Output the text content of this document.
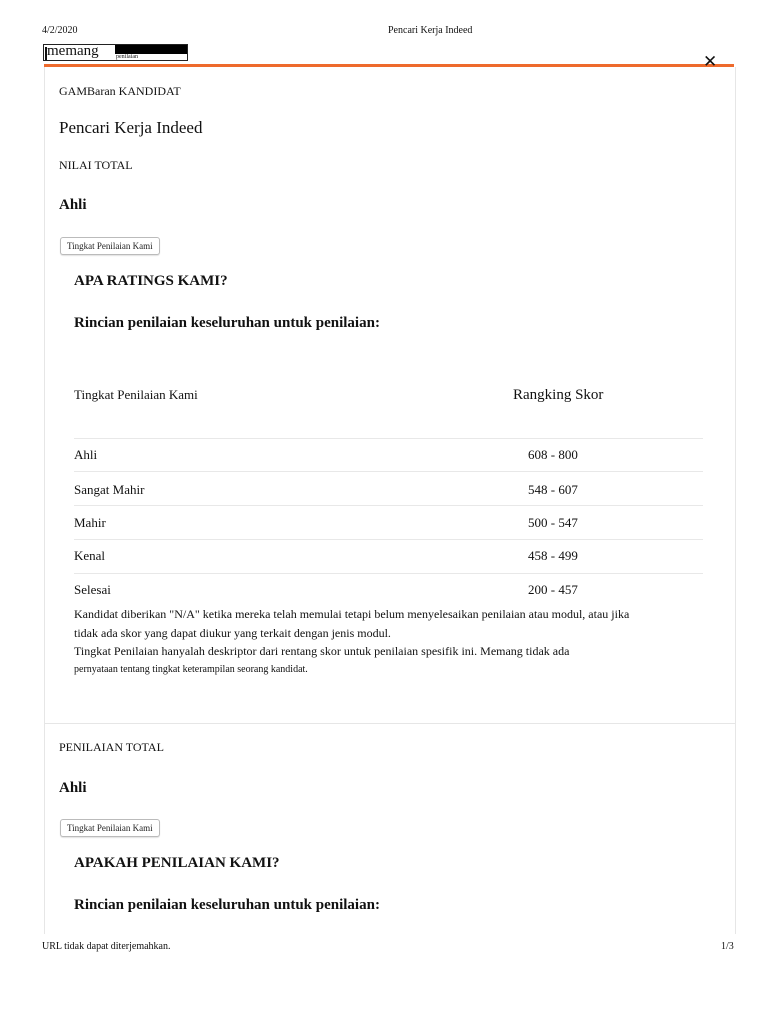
4/2/2020	Pencari Kerja Indeed
memang	penilaian	✕
GAMBaran KANDIDAT
Pencari Kerja Indeed
NILAI TOTAL
Ahli
Tingkat Penilaian Kami
APA RATINGS KAMI?
Rincian penilaian keseluruhan untuk penilaian:
Tingkat Penilaian Kami	Rangking Skor
Ahli	608 - 800
Sangat Mahir	548 - 607
Mahir	500 - 547
Kenal	458 - 499
Selesai	200 - 457
Kandidat diberikan "N/A" ketika mereka telah memulai tetapi belum menyelesaikan penilaian atau modul, atau jika
tidak ada skor yang dapat diukur yang terkait dengan jenis modul.
Tingkat Penilaian hanyalah deskriptor dari rentang skor untuk penilaian spesifik ini. Memang tidak ada
pernyataan tentang tingkat keterampilan seorang kandidat.
PENILAIAN TOTAL
Ahli
Tingkat Penilaian Kami
APAKAH PENILAIAN KAMI?
Rincian penilaian keseluruhan untuk penilaian:
URL tidak dapat diterjemahkan.	1/3
